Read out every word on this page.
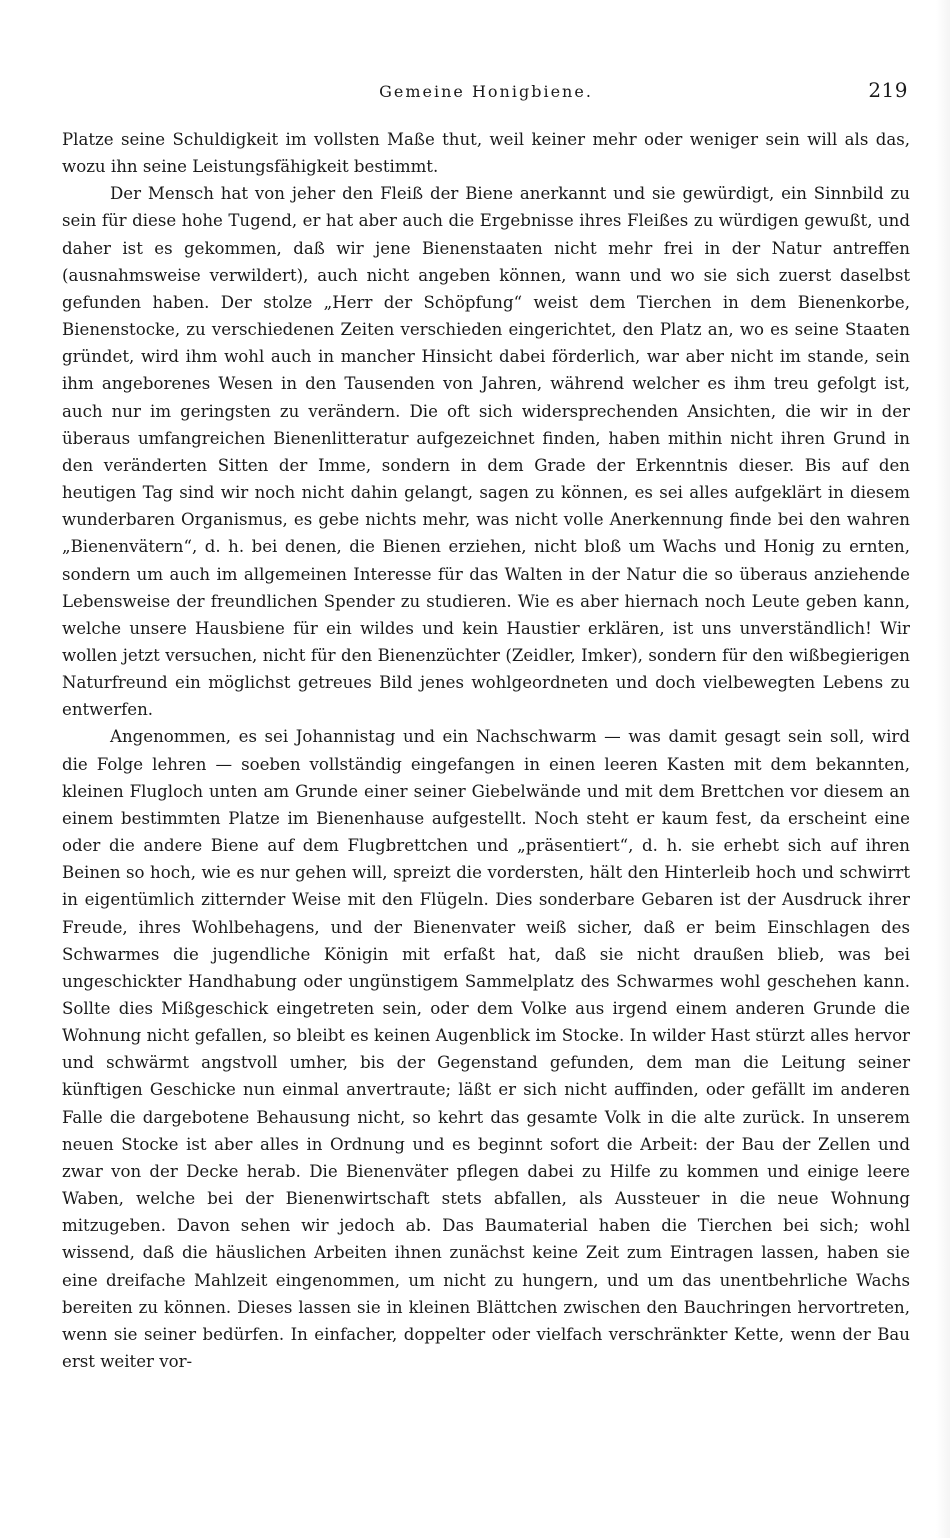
Gemeine Honigbiene.	219

Platze seine Schuldigkeit im vollsten Maße thut, weil keiner mehr oder weniger sein will als das, wozu ihn seine Leistungsfähigkeit bestimmt.

Der Mensch hat von jeher den Fleiß der Biene anerkannt und sie gewürdigt, ein Sinnbild zu sein für diese hohe Tugend, er hat aber auch die Ergebnisse ihres Fleißes zu würdigen gewußt, und daher ist es gekommen, daß wir jene Bienenstaaten nicht mehr frei in der Natur antreffen (ausnahmsweise verwildert), auch nicht angeben können, wann und wo sie sich zuerst daselbst gefunden haben. Der stolze „Herr der Schöpfung“ weist dem Tierchen in dem Bienenkorbe, Bienenstocke, zu verschiedenen Zeiten verschieden eingerichtet, den Platz an, wo es seine Staaten gründet, wird ihm wohl auch in mancher Hinsicht dabei förderlich, war aber nicht im stande, sein ihm angeborenes Wesen in den Tausenden von Jahren, während welcher es ihm treu gefolgt ist, auch nur im geringsten zu verändern. Die oft sich widersprechenden Ansichten, die wir in der überaus umfangreichen Bienenlitteratur aufgezeichnet finden, haben mithin nicht ihren Grund in den veränderten Sitten der Imme, sondern in dem Grade der Erkenntnis dieser. Bis auf den heutigen Tag sind wir noch nicht dahin gelangt, sagen zu können, es sei alles aufgeklärt in diesem wunderbaren Organismus, es gebe nichts mehr, was nicht volle Anerkennung finde bei den wahren „Bienenvätern“, d. h. bei denen, die Bienen erziehen, nicht bloß um Wachs und Honig zu ernten, sondern um auch im allgemeinen Interesse für das Walten in der Natur die so überaus anziehende Lebensweise der freundlichen Spender zu studieren. Wie es aber hiernach noch Leute geben kann, welche unsere Hausbiene für ein wildes und kein Haustier erklären, ist uns unverständlich! Wir wollen jetzt versuchen, nicht für den Bienenzüchter (Zeidler, Imker), sondern für den wißbegierigen Naturfreund ein möglichst getreues Bild jenes wohlgeordneten und doch vielbewegten Lebens zu entwerfen.

Angenommen, es sei Johannistag und ein Nachschwarm — was damit gesagt sein soll, wird die Folge lehren — soeben vollständig eingefangen in einen leeren Kasten mit dem bekannten, kleinen Flugloch unten am Grunde einer seiner Giebelwände und mit dem Brettchen vor diesem an einem bestimmten Platze im Bienenhause aufgestellt. Noch steht er kaum fest, da erscheint eine oder die andere Biene auf dem Flugbrettchen und „präsentiert“, d. h. sie erhebt sich auf ihren Beinen so hoch, wie es nur gehen will, spreizt die vordersten, hält den Hinterleib hoch und schwirrt in eigentümlich zitternder Weise mit den Flügeln. Dies sonderbare Gebaren ist der Ausdruck ihrer Freude, ihres Wohlbehagens, und der Bienenvater weiß sicher, daß er beim Einschlagen des Schwarmes die jugendliche Königin mit erfaßt hat, daß sie nicht draußen blieb, was bei ungeschickter Handhabung oder ungünstigem Sammelplatz des Schwarmes wohl geschehen kann. Sollte dies Mißgeschick eingetreten sein, oder dem Volke aus irgend einem anderen Grunde die Wohnung nicht gefallen, so bleibt es keinen Augenblick im Stocke. In wilder Hast stürzt alles hervor und schwärmt angstvoll umher, bis der Gegenstand gefunden, dem man die Leitung seiner künftigen Geschicke nun einmal anvertraute; läßt er sich nicht auffinden, oder gefällt im anderen Falle die dargebotene Behausung nicht, so kehrt das gesamte Volk in die alte zurück. In unserem neuen Stocke ist aber alles in Ordnung und es beginnt sofort die Arbeit: der Bau der Zellen und zwar von der Decke herab. Die Bienenväter pflegen dabei zu Hilfe zu kommen und einige leere Waben, welche bei der Bienenwirtschaft stets abfallen, als Aussteuer in die neue Wohnung mitzugeben. Davon sehen wir jedoch ab. Das Baumaterial haben die Tierchen bei sich; wohl wissend, daß die häuslichen Arbeiten ihnen zunächst keine Zeit zum Eintragen lassen, haben sie eine dreifache Mahlzeit eingenommen, um nicht zu hungern, und um das unentbehrliche Wachs bereiten zu können. Dieses lassen sie in kleinen Blättchen zwischen den Bauchringen hervortreten, wenn sie seiner bedürfen. In einfacher, doppelter oder vielfach verschränkter Kette, wenn der Bau erst weiter vor-
